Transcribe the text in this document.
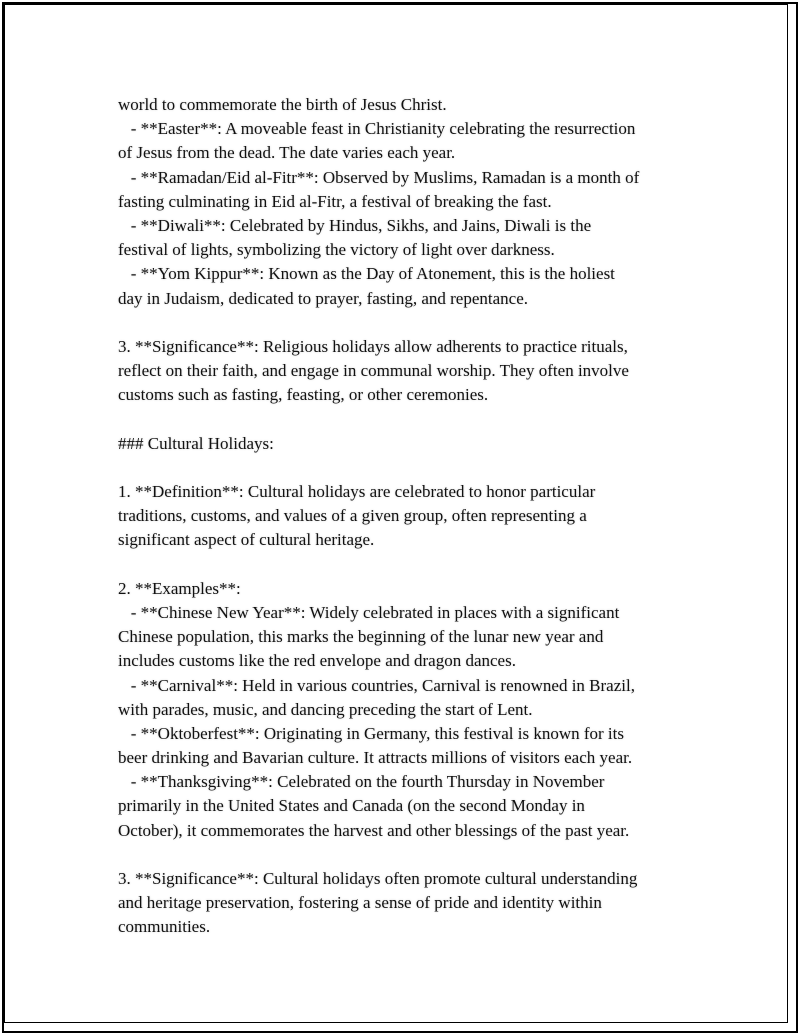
world to commemorate the birth of Jesus Christ.
- **Easter**: A moveable feast in Christianity celebrating the resurrection
of Jesus from the dead. The date varies each year.
- **Ramadan/Eid al-Fitr**: Observed by Muslims, Ramadan is a month of
fasting culminating in Eid al-Fitr, a festival of breaking the fast.
- **Diwali**: Celebrated by Hindus, Sikhs, and Jains, Diwali is the
festival of lights, symbolizing the victory of light over darkness.
- **Yom Kippur**: Known as the Day of Atonement, this is the holiest
day in Judaism, dedicated to prayer, fasting, and repentance.
3. **Significance**: Religious holidays allow adherents to practice rituals,
reflect on their faith, and engage in communal worship. They often involve
customs such as fasting, feasting, or other ceremonies.
### Cultural Holidays:
1. **Definition**: Cultural holidays are celebrated to honor particular
traditions, customs, and values of a given group, often representing a
significant aspect of cultural heritage.
2. **Examples**:
- **Chinese New Year**: Widely celebrated in places with a significant
Chinese population, this marks the beginning of the lunar new year and
includes customs like the red envelope and dragon dances.
- **Carnival**: Held in various countries, Carnival is renowned in Brazil,
with parades, music, and dancing preceding the start of Lent.
- **Oktoberfest**: Originating in Germany, this festival is known for its
beer drinking and Bavarian culture. It attracts millions of visitors each year.
- **Thanksgiving**: Celebrated on the fourth Thursday in November
primarily in the United States and Canada (on the second Monday in
October), it commemorates the harvest and other blessings of the past year.
3. **Significance**: Cultural holidays often promote cultural understanding
and heritage preservation, fostering a sense of pride and identity within
communities.
